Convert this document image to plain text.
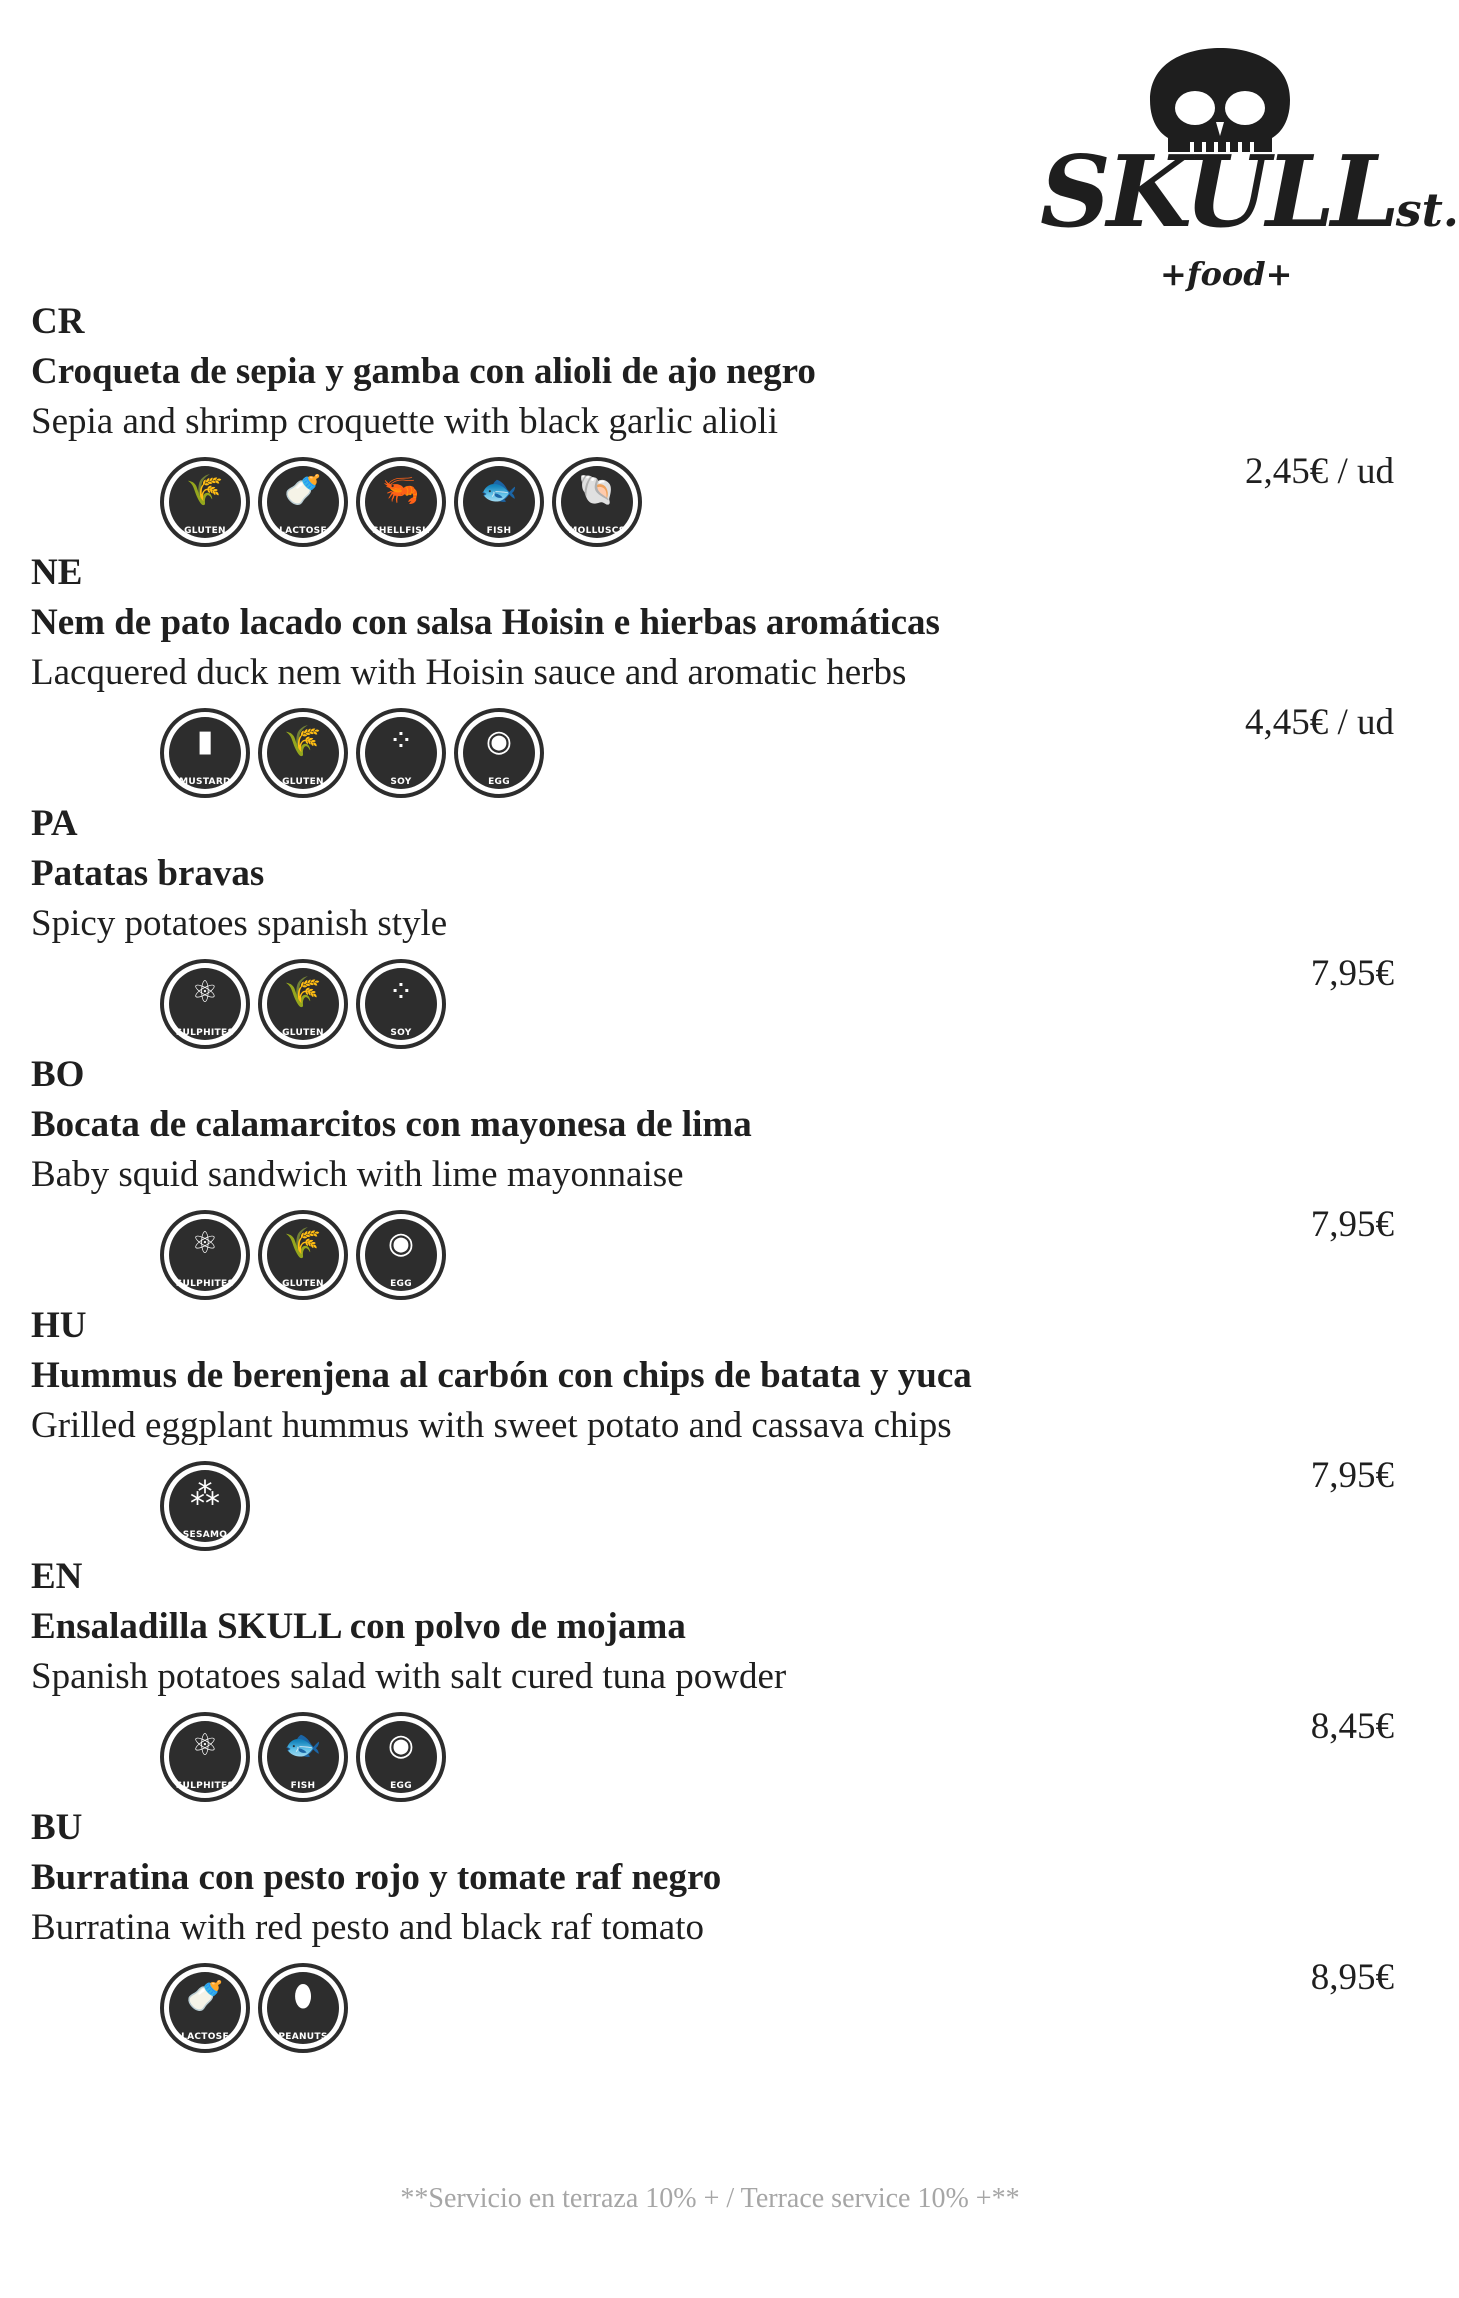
SKULLst.
+food+
CR
Croqueta de sepia y gamba con alioli de ajo negro
Sepia and shrimp croquette with black garlic alioli
2,45€ / ud
🌾
GLUTEN
🍼
LACTOSE
🦐
SHELLFISH
🐟
FISH
🐚
MOLLUSCS
NE
Nem de pato lacado con salsa Hoisin e hierbas aromáticas
Lacquered duck nem with Hoisin sauce and aromatic herbs
4,45€ / ud
▮
MUSTARD
🌾
GLUTEN
⁘
SOY
◉
EGG
PA
Patatas bravas
Spicy potatoes spanish style
7,95€
⚛
SULPHITES
🌾
GLUTEN
⁘
SOY
BO
Bocata de calamarcitos con mayonesa de lima
Baby squid sandwich with lime mayonnaise
7,95€
⚛
SULPHITES
🌾
GLUTEN
◉
EGG
HU
Hummus de berenjena al carbón con chips de batata y yuca
Grilled eggplant hummus with sweet potato and cassava chips
7,95€
⁂
SESAMO
EN
Ensaladilla SKULL con polvo de mojama
Spanish potatoes salad with salt cured tuna powder
8,45€
⚛
SULPHITES
🐟
FISH
◉
EGG
BU
Burratina con pesto rojo y tomate raf negro
Burratina with red pesto and black raf tomato
8,95€
🍼
LACTOSE
⬮
PEANUTS
**Servicio en terraza 10% + / Terrace service 10% +**
